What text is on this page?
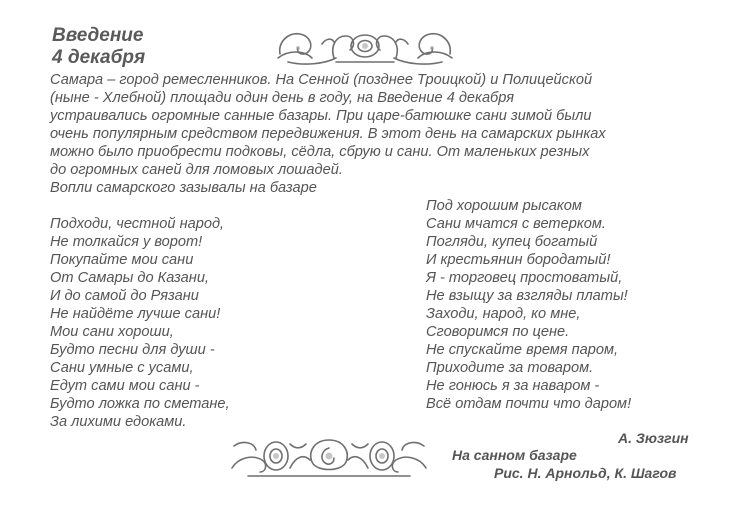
Введение
4 декабря

Самара – город ремесленников. На Сенной (позднее Троицкой) и Полицейской
(ныне - Хлебной) площади один день в году, на Введение 4 декабря
устраивались огромные санные базары. При царе-батюшке сани зимой были
очень популярным средством передвижения. В этот день на самарских рынках
можно было приобрести подковы, сёдла, сбрую и сани. От маленьких резных
до огромных саней для ломовых лошадей.
Вопли самарского зазывалы на базаре

Подходи, честной народ,
Не толкайся у ворот!
Покупайте мои сани
От Самары до Казани,
И до самой до Рязани
Не найдёте лучше сани!
Мои сани хороши,
Будто песни для души -
Сани умные с усами,
Едут сами мои сани -
Будто ложка по сметане,
За лихими едоками.
Под хорошим рысаком
Сани мчатся с ветерком.
Погляди, купец богатый
И крестьянин бородатый!
Я - торговец простоватый,
Не взыщу за взгляды платы!
Заходи, народ, ко мне,
Сговоримся по цене.
Не спускайте время паром,
Приходите за товаром.
Не гонюсь я за наваром -
Всё отдам почти что даром!

А. Зюзгин

На санном базаре

Рис. Н. Арнольд, К. Шагов
